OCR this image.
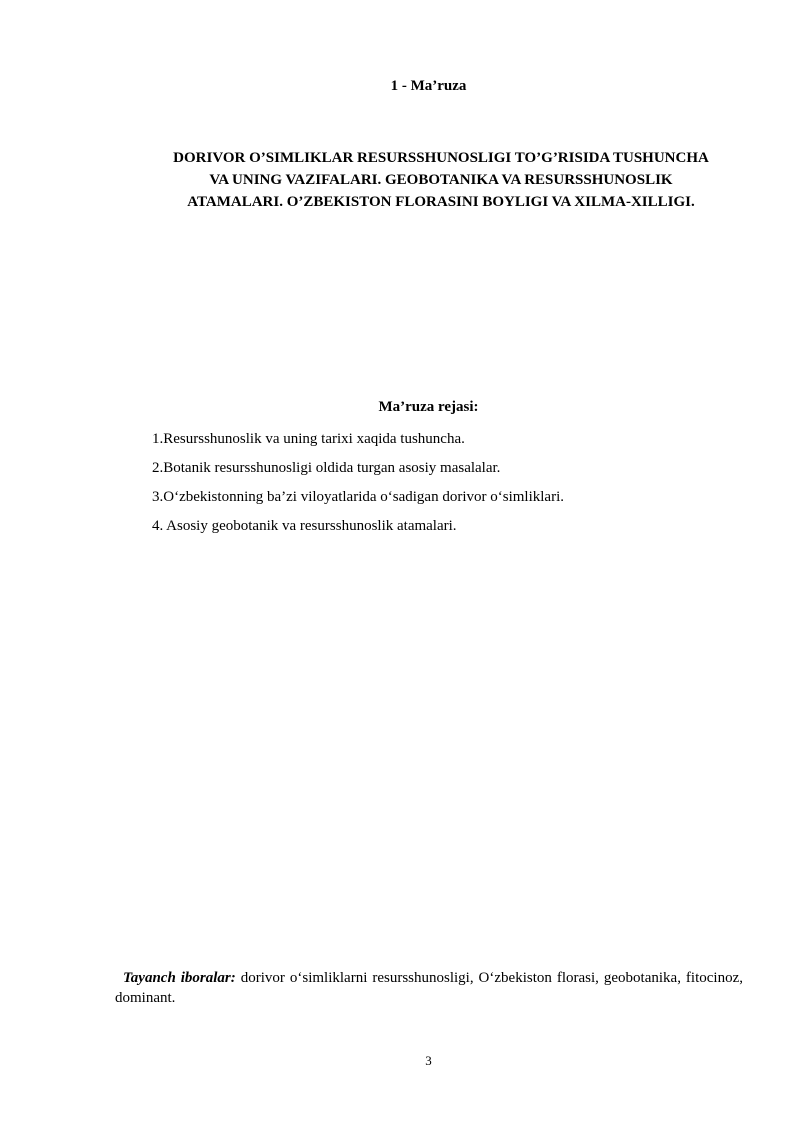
1 - Ma’ruza
DORIVOR O’SIMLIKLAR RESURSSHUNOSLIGI TO’G’RISIDA TUSHUNCHA
VA UNING VAZIFALARI. GEOBOTANIKA VA RESURSSHUNOSLIK
ATAMALARI. O’ZBEKISTON FLORASINI BOYLIGI VA XILMA-XILLIGI.
Ma’ruza rejasi:
1.Resursshunoslik va uning tarixi xaqida tushuncha.
2.Botanik resursshunosligi oldida turgan asosiy masalalar.
3.O‘zbekistonning ba’zi viloyatlarida o‘sadigan dorivor o‘simliklari.
4. Asosiy geobotanik va resursshunoslik atamalari.
Tayanch iboralar: dorivor o‘simliklarni resursshunosligi, O‘zbekiston florasi, geobotanika, fitocinoz, dominant.
3
